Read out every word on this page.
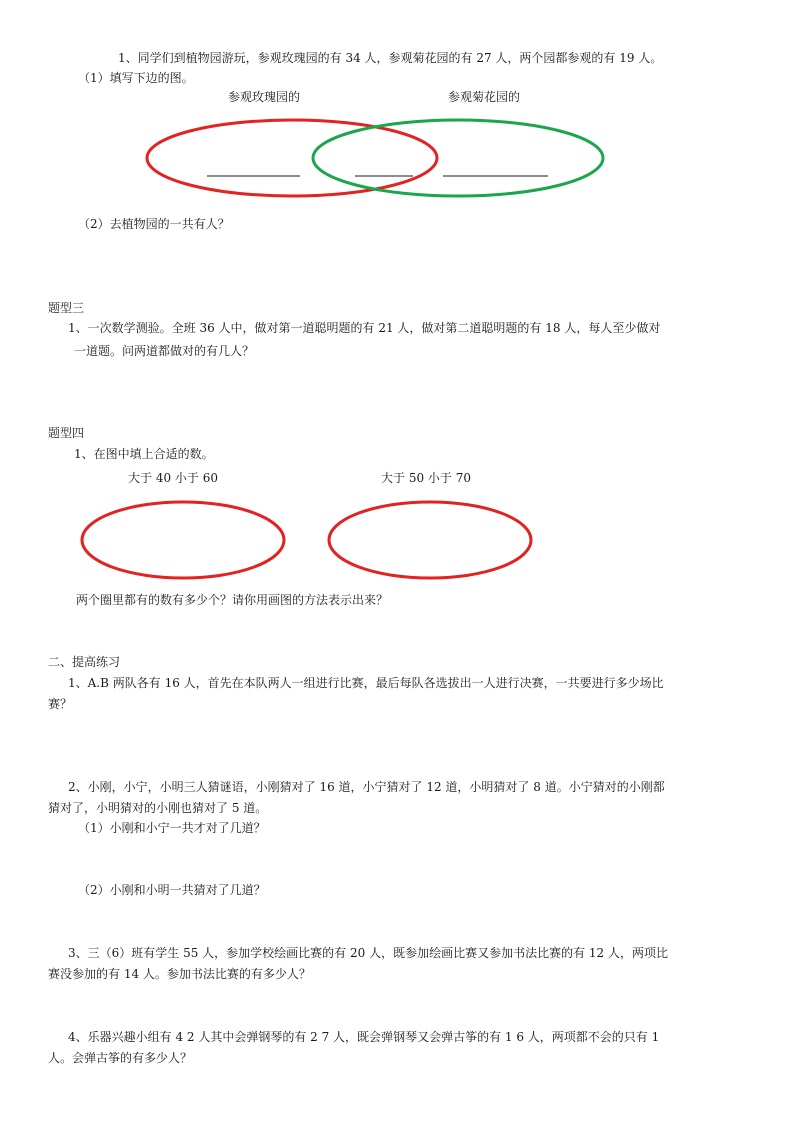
1、同学们到植物园游玩，参观玫瑰园的有 34 人，参观菊花园的有 27 人，两个园都参观的有 19 人。
（1）填写下边的图。
参观玫瑰园的	参观菊花园的
（2）去植物园的一共有人？
题型三
1、一次数学测验。全班 36 人中，做对第一道聪明题的有 21 人，做对第二道聪明题的有 18 人，每人至少做对
一道题。问两道都做对的有几人？
题型四
1、在图中填上合适的数。
大于 40 小于 60	大于 50 小于 70
两个圈里都有的数有多少个？请你用画图的方法表示出来？
二、提高练习
1、A.B 两队各有 16 人，首先在本队两人一组进行比赛，最后每队各选拔出一人进行决赛，一共要进行多少场比
赛？
2、小刚，小宁，小明三人猜谜语，小刚猜对了 16 道，小宁猜对了 12 道，小明猜对了 8 道。小宁猜对的小刚都
猜对了，小明猜对的小刚也猜对了 5 道。
（1）小刚和小宁一共才对了几道？
（2）小刚和小明一共猜对了几道？
3、三（6）班有学生 55 人，参加学校绘画比赛的有 20 人，既参加绘画比赛又参加书法比赛的有 12 人，两项比
赛没参加的有 14 人。参加书法比赛的有多少人？
4、乐器兴趣小组有 4 2 人其中会弹钢琴的有 2 7 人，既会弹钢琴又会弹古筝的有 1 6 人，两项都不会的只有 1
人。会弹古筝的有多少人？
